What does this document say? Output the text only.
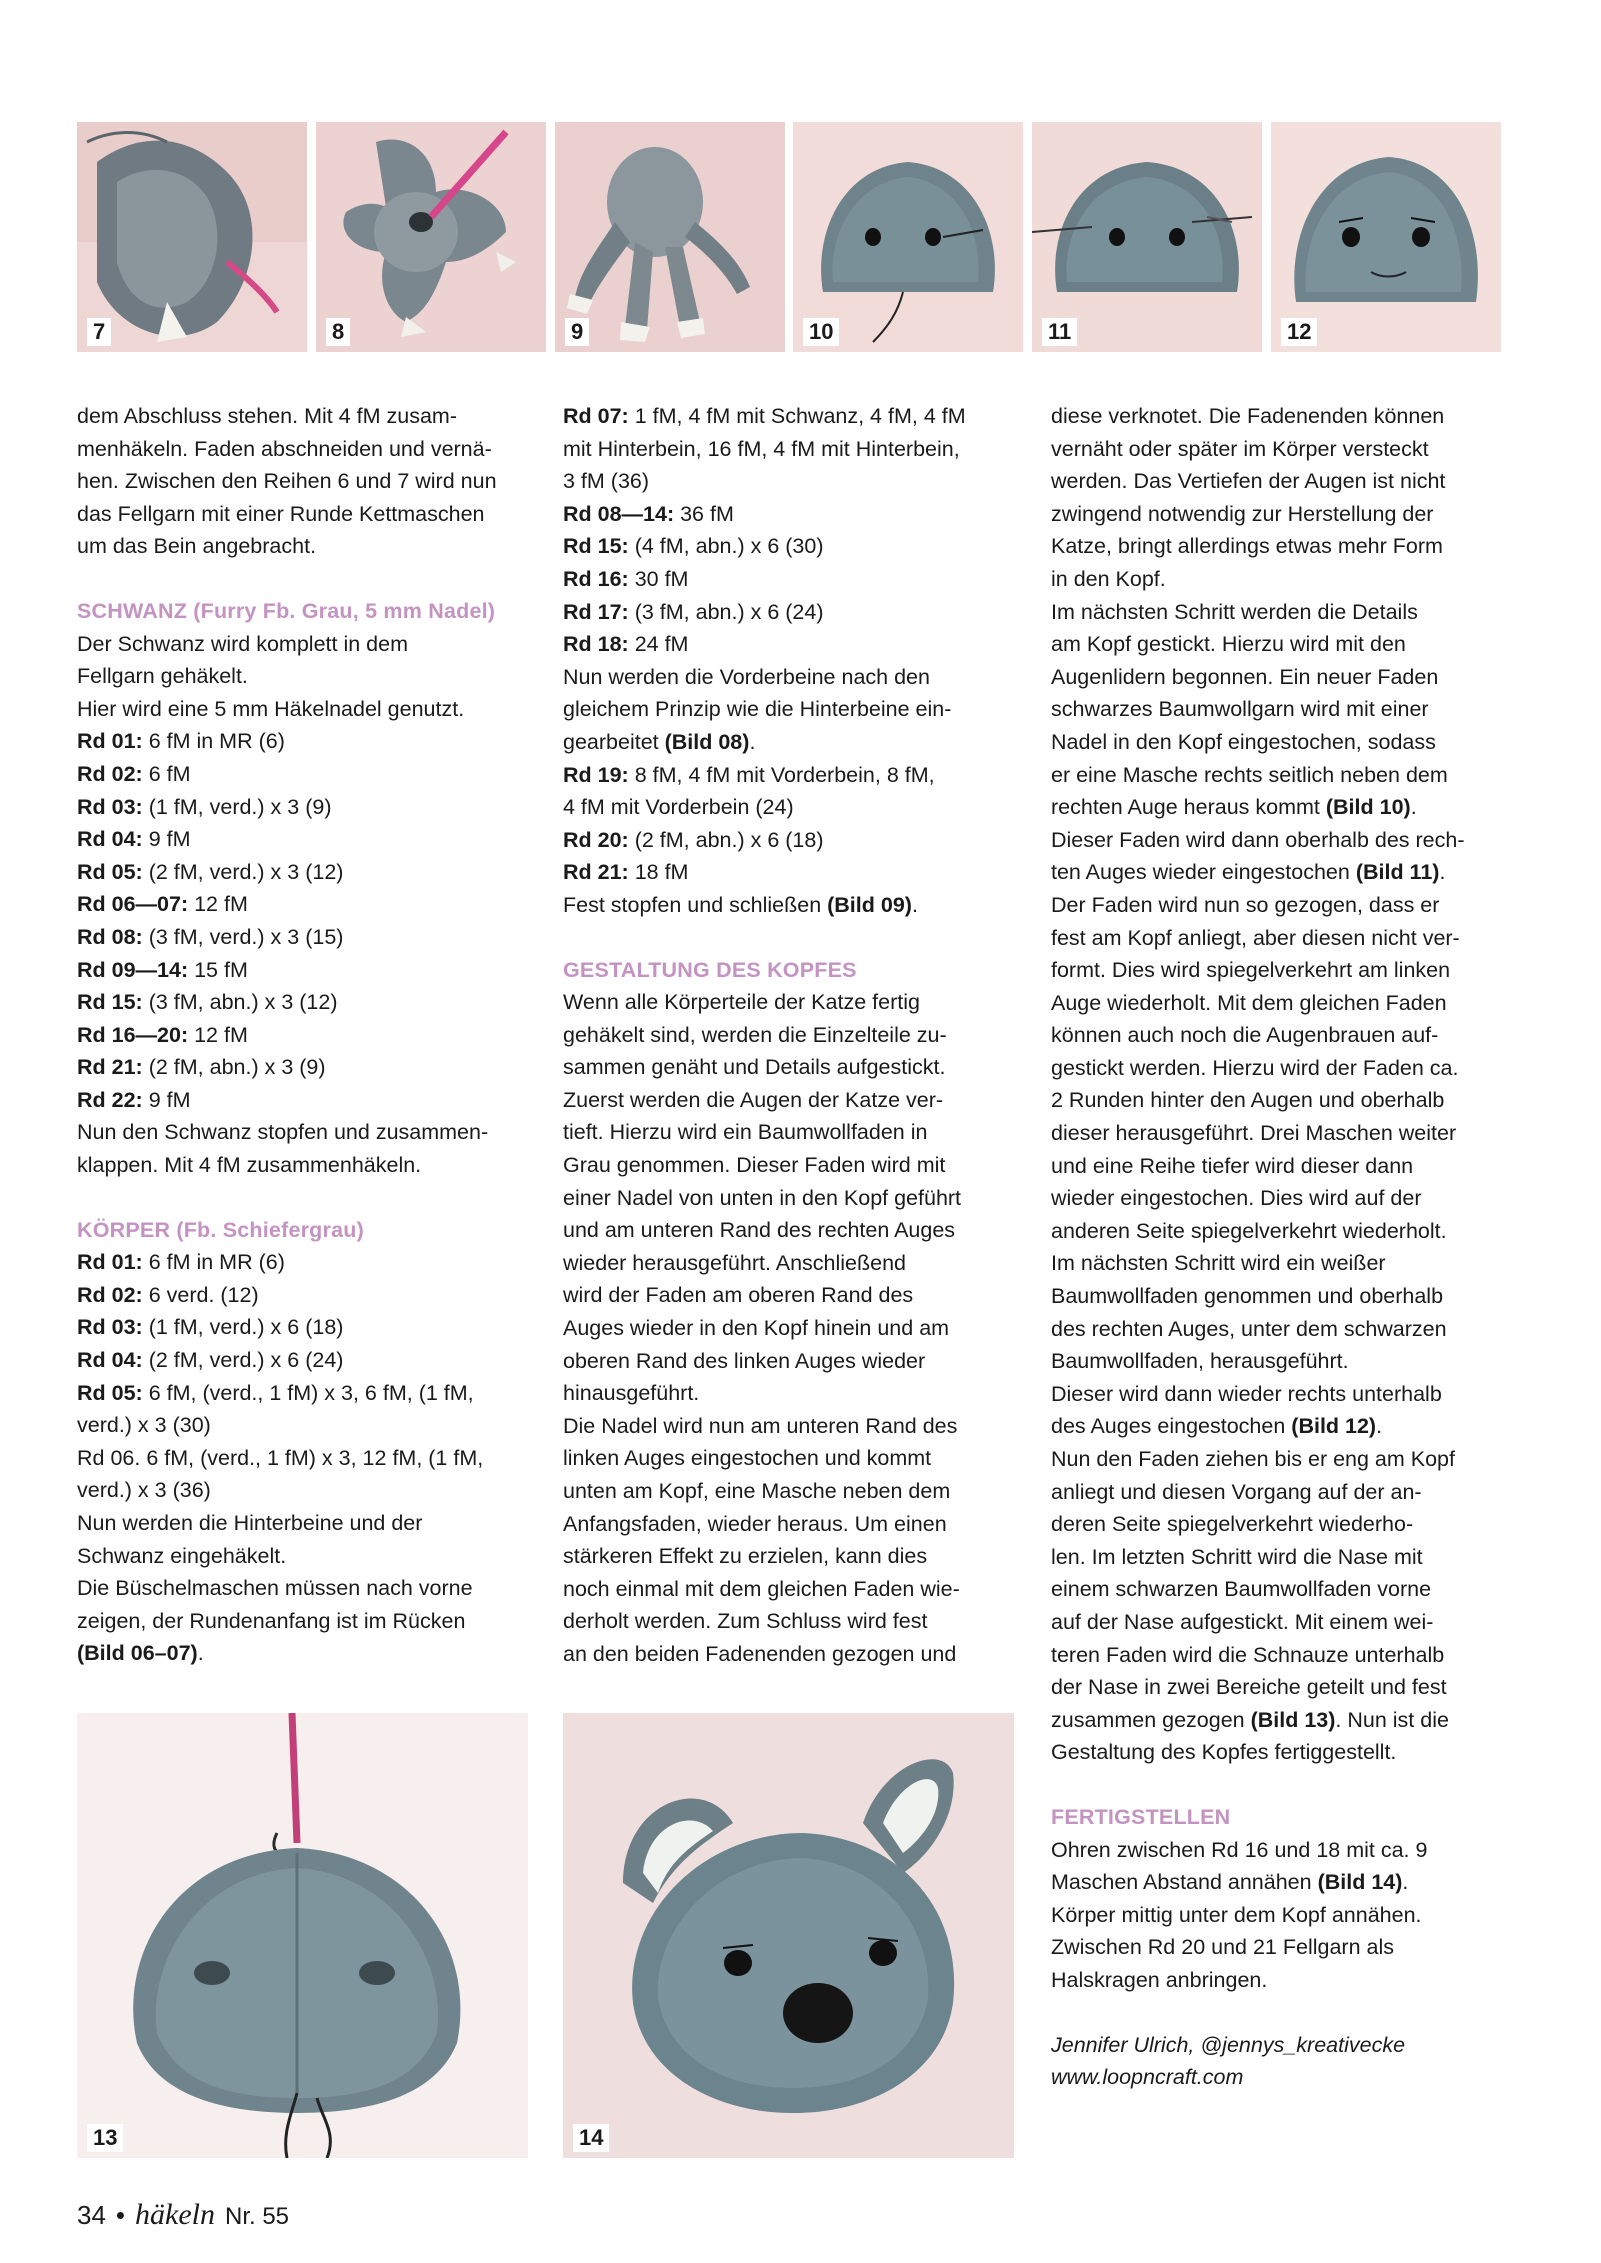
7	8	9	10	11	12
dem Abschluss stehen. Mit 4 fM zusam-
menhäkeln. Faden abschneiden und vernä-
hen. Zwischen den Reihen 6 und 7 wird nun
das Fellgarn mit einer Runde Kettmaschen
um das Bein angebracht.
SCHWANZ (Furry Fb. Grau, 5 mm Nadel)
Der Schwanz wird komplett in dem
Fellgarn gehäkelt.
Hier wird eine 5 mm Häkelnadel genutzt.
Rd 01: 6 fM in MR (6)
Rd 02: 6 fM
Rd 03: (1 fM, verd.) x 3 (9)
Rd 04: 9 fM
Rd 05: (2 fM, verd.) x 3 (12)
Rd 06—07: 12 fM
Rd 08: (3 fM, verd.) x 3 (15)
Rd 09—14: 15 fM
Rd 15: (3 fM, abn.) x 3 (12)
Rd 16—20: 12 fM
Rd 21: (2 fM, abn.) x 3 (9)
Rd 22: 9 fM
Nun den Schwanz stopfen und zusammen-
klappen. Mit 4 fM zusammenhäkeln.
KÖRPER (Fb. Schiefergrau)
Rd 01: 6 fM in MR (6)
Rd 02: 6 verd. (12)
Rd 03: (1 fM, verd.) x 6 (18)
Rd 04: (2 fM, verd.) x 6 (24)
Rd 05: 6 fM, (verd., 1 fM) x 3, 6 fM, (1 fM,
verd.) x 3 (30)
Rd 06. 6 fM, (verd., 1 fM) x 3, 12 fM, (1 fM,
verd.) x 3 (36)
Nun werden die Hinterbeine und der
Schwanz eingehäkelt.
Die Büschelmaschen müssen nach vorne
zeigen, der Rundenanfang ist im Rücken
(Bild 06–07).
Rd 07: 1 fM, 4 fM mit Schwanz, 4 fM, 4 fM
mit Hinterbein, 16 fM, 4 fM mit Hinterbein,
3 fM (36)
Rd 08—14: 36 fM
Rd 15: (4 fM, abn.) x 6 (30)
Rd 16: 30 fM
Rd 17: (3 fM, abn.) x 6 (24)
Rd 18: 24 fM
Nun werden die Vorderbeine nach den
gleichem Prinzip wie die Hinterbeine ein-
gearbeitet (Bild 08).
Rd 19: 8 fM, 4 fM mit Vorderbein, 8 fM,
4 fM mit Vorderbein (24)
Rd 20: (2 fM, abn.) x 6 (18)
Rd 21: 18 fM
Fest stopfen und schließen (Bild 09).
GESTALTUNG DES KOPFES
Wenn alle Körperteile der Katze fertig
gehäkelt sind, werden die Einzelteile zu-
sammen genäht und Details aufgestickt.
Zuerst werden die Augen der Katze ver-
tieft. Hierzu wird ein Baumwollfaden in
Grau genommen. Dieser Faden wird mit
einer Nadel von unten in den Kopf geführt
und am unteren Rand des rechten Auges
wieder herausgeführt. Anschließend
wird der Faden am oberen Rand des
Auges wieder in den Kopf hinein und am
oberen Rand des linken Auges wieder
hinausgeführt.
Die Nadel wird nun am unteren Rand des
linken Auges eingestochen und kommt
unten am Kopf, eine Masche neben dem
Anfangsfaden, wieder heraus. Um einen
stärkeren Effekt zu erzielen, kann dies
noch einmal mit dem gleichen Faden wie-
derholt werden. Zum Schluss wird fest
an den beiden Fadenenden gezogen und
diese verknotet. Die Fadenenden können
vernäht oder später im Körper versteckt
werden. Das Vertiefen der Augen ist nicht
zwingend notwendig zur Herstellung der
Katze, bringt allerdings etwas mehr Form
in den Kopf.
Im nächsten Schritt werden die Details
am Kopf gestickt. Hierzu wird mit den
Augenlidern begonnen. Ein neuer Faden
schwarzes Baumwollgarn wird mit einer
Nadel in den Kopf eingestochen, sodass
er eine Masche rechts seitlich neben dem
rechten Auge heraus kommt (Bild 10).
Dieser Faden wird dann oberhalb des rech-
ten Auges wieder eingestochen (Bild 11).
Der Faden wird nun so gezogen, dass er
fest am Kopf anliegt, aber diesen nicht ver-
formt. Dies wird spiegelverkehrt am linken
Auge wiederholt. Mit dem gleichen Faden
können auch noch die Augenbrauen auf-
gestickt werden. Hierzu wird der Faden ca.
2 Runden hinter den Augen und oberhalb
dieser herausgeführt. Drei Maschen weiter
und eine Reihe tiefer wird dieser dann
wieder eingestochen. Dies wird auf der
anderen Seite spiegelverkehrt wiederholt.
Im nächsten Schritt wird ein weißer
Baumwollfaden genommen und oberhalb
des rechten Auges, unter dem schwarzen
Baumwollfaden, herausgeführt.
Dieser wird dann wieder rechts unterhalb
des Auges eingestochen (Bild 12).
Nun den Faden ziehen bis er eng am Kopf
anliegt und diesen Vorgang auf der an-
deren Seite spiegelverkehrt wiederho-
len. Im letzten Schritt wird die Nase mit
einem schwarzen Baumwollfaden vorne
auf der Nase aufgestickt. Mit einem wei-
teren Faden wird die Schnauze unterhalb
der Nase in zwei Bereiche geteilt und fest
zusammen gezogen (Bild 13). Nun ist die
Gestaltung des Kopfes fertiggestellt.
FERTIGSTELLEN
Ohren zwischen Rd 16 und 18 mit ca. 9
Maschen Abstand annähen (Bild 14).
Körper mittig unter dem Kopf annähen.
Zwischen Rd 20 und 21 Fellgarn als
Halskragen anbringen.
Jennifer Ulrich, @jennys_kreativecke
www.loopncraft.com
13	14
34 • häkeln Nr. 55
